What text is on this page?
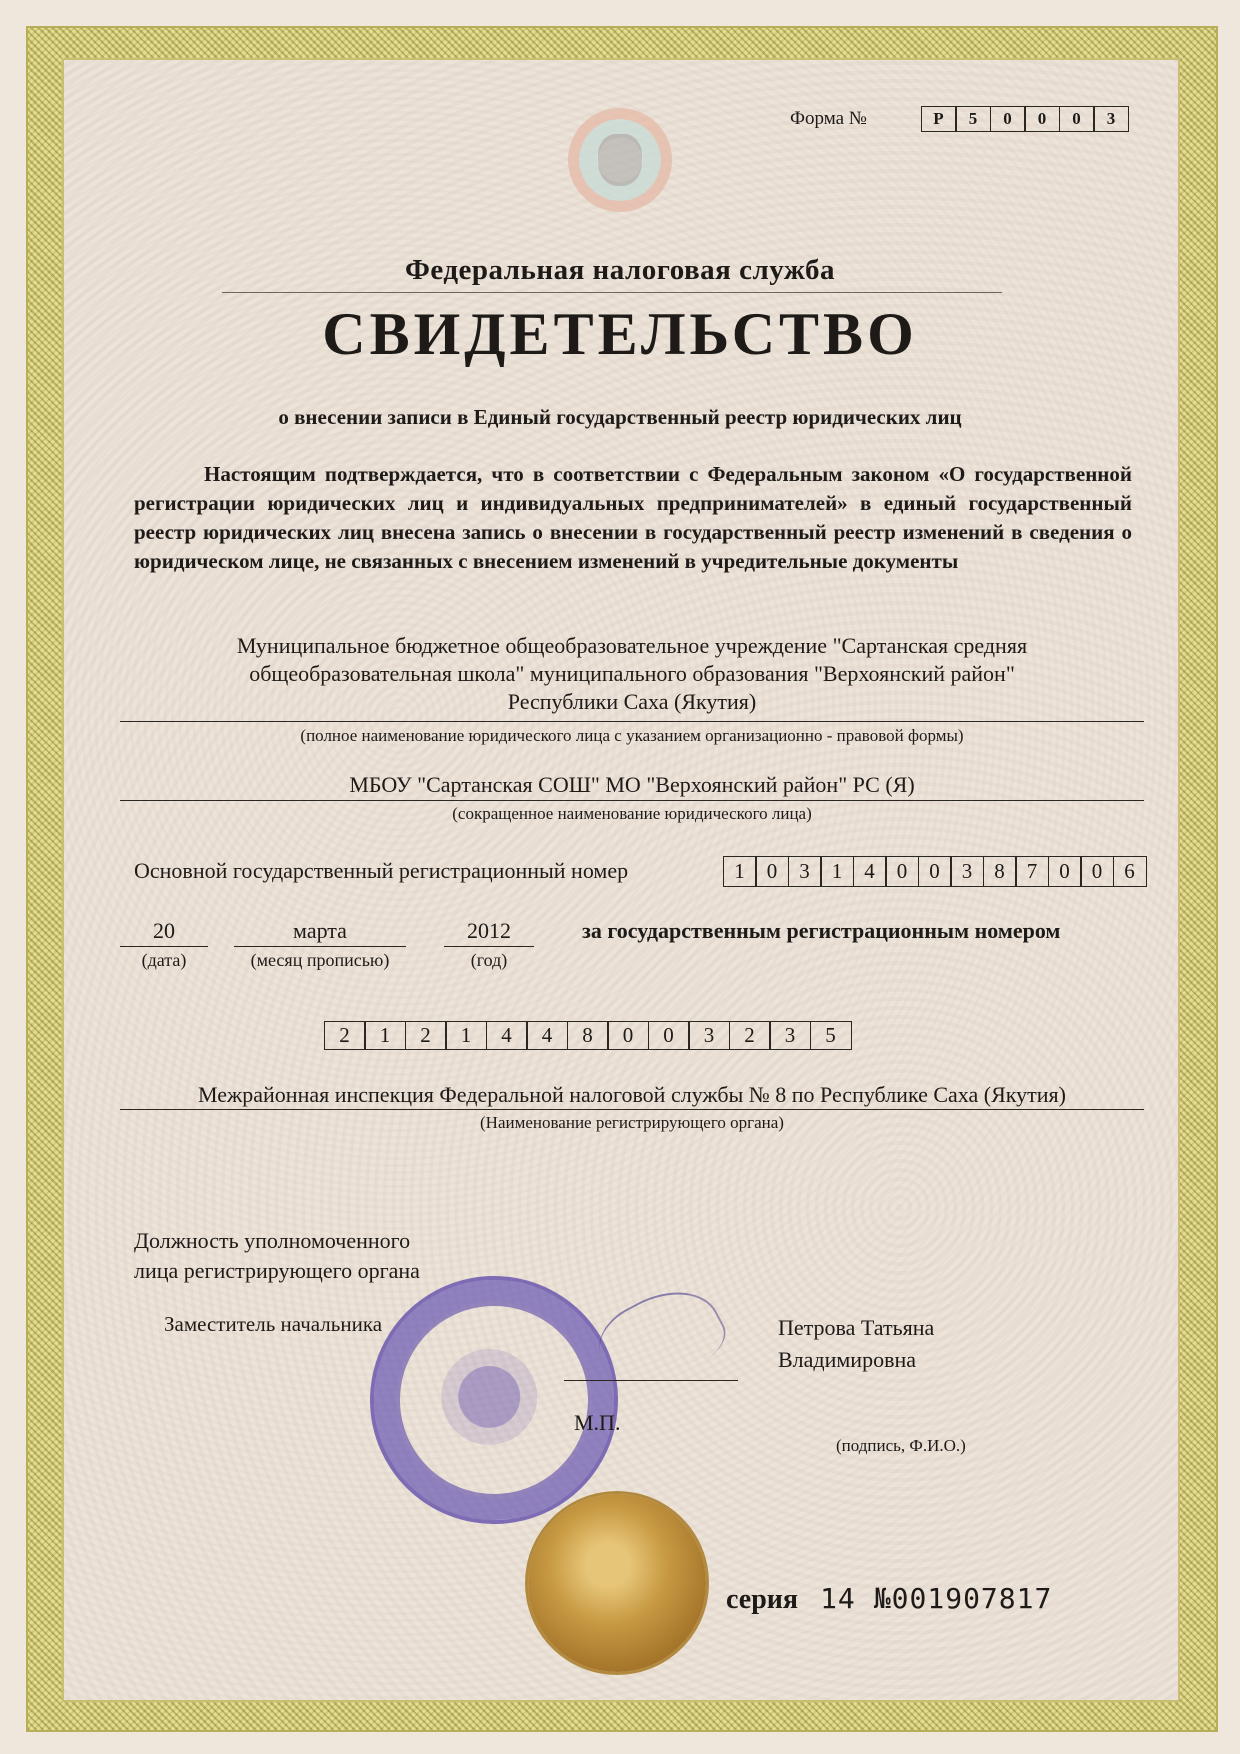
Форма №	Р	5	0	0	0	3
Федеральная налоговая служба
СВИДЕТЕЛЬСТВО
о внесении записи в Единый государственный реестр юридических лиц
Настоящим подтверждается, что в соответствии с Федеральным законом «О государственной регистрации юридических лиц и индивидуальных предпринимателей» в единый государственный реестр юридических лиц внесена запись о внесении в государственный реестр изменений в сведения о юридическом лице, не связанных с внесением изменений в учредительные документы
Муниципальное бюджетное общеобразовательное учреждение "Сартанская средняя
общеобразовательная школа" муниципального образования "Верхоянский район"
Республики Саха (Якутия)
(полное наименование юридического лица с указанием организационно - правовой формы)
МБОУ "Сартанская СОШ" МО "Верхоянский район" РС (Я)
(сокращенное наименование юридического лица)
Основной государственный регистрационный номер	1	0	3	1	4	0	0	3	8	7	0	0	6
20	марта	2012
(дата)	(месяц прописью)	(год)
за государственным регистрационным номером
2	1	2	1	4	4	8	0	0	3	2	3	5
Межрайонная инспекция Федеральной налоговой службы № 8 по Республике Саха (Якутия)
(Наименование регистрирующего органа)
Должность уполномоченного
лица регистрирующего органа
Заместитель начальника
М.П.
Петрова Татьяна
Владимировна
(подпись, Ф.И.О.)
серия 14 №001907817
